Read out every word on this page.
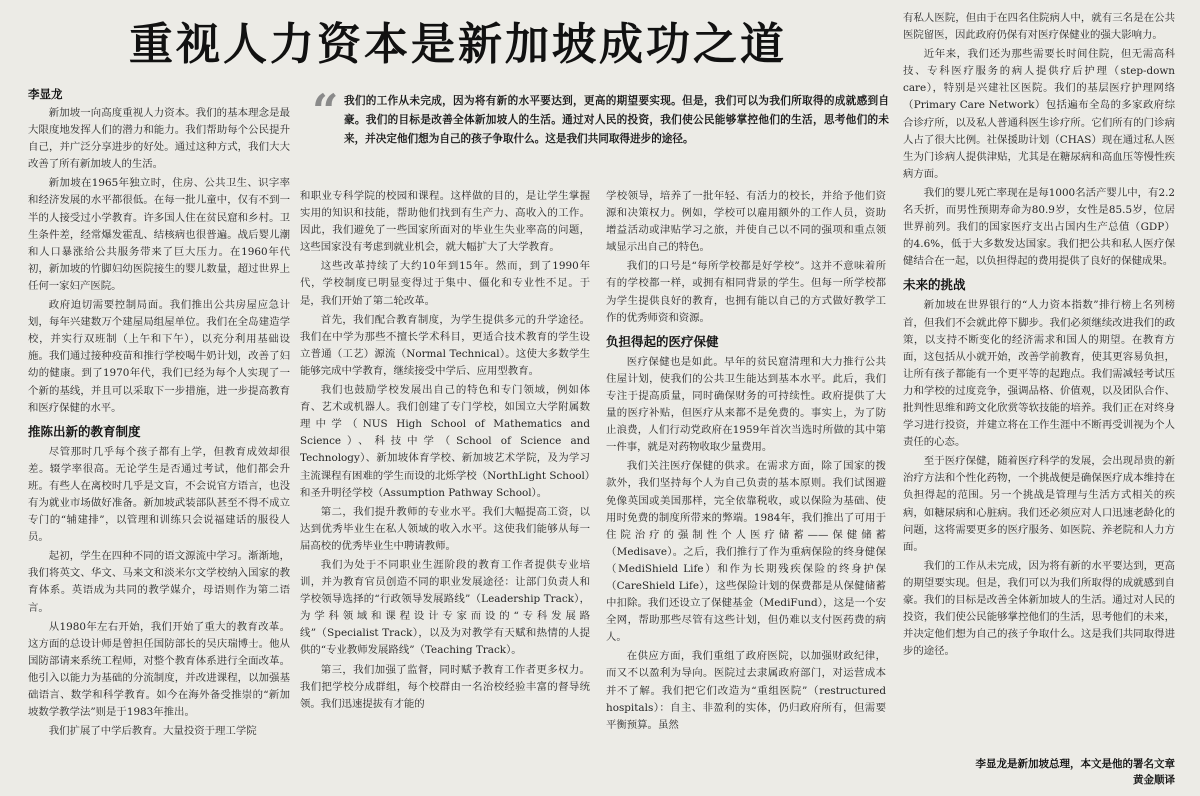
重视人力资本是新加坡成功之道
“ 我们的工作从未完成，因为将有新的水平要达到，更高的期望要实现。但是，我们可以为我们所取得的成就感到自豪。我们的目标是改善全体新加坡人的生活。通过对人民的投资，我们使公民能够掌控他们的生活，思考他们的未来，并决定他们想为自己的孩子争取什么。这是我们共同取得进步的途径。
李显龙

新加坡一向高度重视人力资本。我们的基本理念是最大限度地发挥人们的潜力和能力。我们帮助每个公民提升自己，并广泛分享进步的好处。通过这种方式，我们大大改善了所有新加坡人的生活。

新加坡在1965年独立时，住房、公共卫生、识字率和经济发展的水平都很低。在每一批儿童中，仅有不到一半的人接受过小学教育。许多国人住在贫民窟和乡村。卫生条件差，经常爆发霍乱、结核病也很普遍。战后婴儿潮和人口暴涨给公共服务带来了巨大压力。在1960年代初，新加坡的竹脚妇幼医院接生的婴儿数量，超过世界上任何一家妇产医院。

政府迫切需要控制局面。我们推出公共房屋应急计划，每年兴建数万个建屋局组屋单位。我们在全岛建造学校，并实行双班制（上午和下午），以充分利用基础设施。我们通过接种疫苗和推行学校喝牛奶计划，改善了妇幼的健康。到了1970年代，我们已经为每个人实现了一个新的基线，并且可以采取下一步措施，进一步提高教育和医疗保健的水平。

推陈出新的教育制度

尽管那时几乎每个孩子都有上学，但教育成效却很差。辍学率很高。无论学生是否通过考试，他们都会升班。有些人在离校时几乎是文盲，不会说官方语言，也没有为就业市场做好准备。新加坡武装部队甚至不得不成立专门的“辅建排”，以管理和训练只会说福建话的服役人员。

起初，学生在四种不同的语文源流中学习。渐渐地，我们将英文、华文、马来文和淡米尔文学校纳入国家的教育体系。英语成为共同的教学媒介，母语则作为第二语言。

从1980年左右开始，我们开始了重大的教育改革。这方面的总设计师是曾担任国防部长的吴庆瑞博士。他从国防部请来系统工程师，对整个教育体系进行全面改革。他引入以能力为基础的分流制度，并改进课程，以加强基础语言、数学和科学教育。如今在海外备受推崇的“新加坡数学教学法”则是于1983年推出。

我们扩展了中学后教育。大量投资于理工学院

和职业专科学院的校园和课程。这样做的目的，是让学生掌握实用的知识和技能，帮助他们找到有生产力、高收入的工作。因此，我们避免了一些国家所面对的毕业生失业率高的问题，这些国家没有考虑到就业机会，就大幅扩大了大学教育。

这些改革持续了大约10年到15年。然而，到了1990年代，学校制度已明显变得过于集中、僵化和专业性不足。于是，我们开始了第二轮改革。

首先，我们配合教育制度，为学生提供多元的升学途径。我们在中学为那些不擅长学术科目，更适合技术教育的学生设立普通（工艺）源流（Normal Technical）。这使大多数学生能够完成中学教育，继续接受中学后、应用型教育。

我们也鼓励学校发展出自己的特色和专门领域，例如体育、艺术或机器人。我们创建了专门学校，如国立大学附属数理中学（NUS High School of Mathematics and Science）、科技中学（School of Science and Technology）、新加坡体育学校、新加坡艺术学院，及为学习主流课程有困难的学生而设的北烁学校（NorthLight School）和圣升明径学校（Assumption Pathway School）。

第二，我们提升教师的专业水平。我们大幅提高工资，以达到优秀毕业生在私人领域的收入水平。这使我们能够从每一届高校的优秀毕业生中聘请教师。

我们为处于不同职业生涯阶段的教育工作者提供专业培训，并为教育官员创造不同的职业发展途径：让部门负责人和学校领导选择的“行政领导发展路线”（Leadership Track），为学科领域和课程设计专家而设的“专科发展路线”（Specialist Track），以及为对教学有天赋和热情的人提供的“专业教师发展路线”（Teaching Track）。

第三，我们加强了监督，同时赋予教育工作者更多权力。我们把学校分成群组，每个校群由一名治校经验丰富的督导统领。我们迅速提拔有才能的

学校领导，培养了一批年轻、有活力的校长，并给予他们资源和决策权力。例如，学校可以雇用额外的工作人员，资助增益活动或津贴学习之旅，并使自己以不同的强项和重点领域显示出自己的特色。

我们的口号是“每所学校都是好学校”。这并不意味着所有的学校都一样，或拥有相同背景的学生。但每一所学校都为学生提供良好的教育，也拥有能以自己的方式做好教学工作的优秀师资和资源。

负担得起的医疗保健

医疗保健也是如此。早年的贫民窟清理和大力推行公共住屋计划，使我们的公共卫生能达到基本水平。此后，我们专注于提高质量，同时确保财务的可持续性。政府提供了大量的医疗补贴，但医疗从来都不是免费的。事实上，为了防止浪费，人们行动党政府在1959年首次当选时所做的其中第一件事，就是对药物收取少量费用。

我们关注医疗保健的供求。在需求方面，除了国家的拨款外，我们坚持每个人为自己负责的基本原则。我们试图避免像英国或美国那样，完全依靠税收，或以保险为基础、使用时免费的制度所带来的弊端。1984年，我们推出了可用于住院治疗的强制性个人医疗储蓄——保健储蓄（Medisave）。之后，我们推行了作为重病保险的终身健保（MediShield Life）和作为长期残疾保险的终身护保（CareShield Life），这些保险计划的保费都是从保健储蓄中扣除。我们还设立了保健基金（MediFund），这是一个安全网，帮助那些尽管有这些计划，但仍难以支付医药费的病人。

在供应方面，我们重组了政府医院，以加强财政纪律，而又不以盈利为导向。医院过去隶属政府部门，对运营成本并不了解。我们把它们改造为“重组医院”（restructured hospitals）：自主、非盈利的实体，仍归政府所有，但需要平衡预算。虽然

有私人医院，但由于在四名住院病人中，就有三名是在公共医院留医，因此政府仍保有对医疗保健业的强大影响力。

近年来，我们还为那些需要长时间住院，但无需高科技、专科医疗服务的病人提供疗后护理（step-down care），特别是兴建社区医院。我们的基层医疗护理网络（Primary Care Network）包括遍布全岛的多家政府综合诊疗所，以及私人普通科医生诊疗所。它们所有的门诊病人占了很大比例。社保援助计划（CHAS）现在通过私人医生为门诊病人提供津贴，尤其是在糖尿病和高血压等慢性疾病方面。

我们的婴儿死亡率现在是每1000名活产婴儿中，有2.2名夭折，而男性预期寿命为80.9岁，女性是85.5岁，位居世界前列。我们的国家医疗支出占国内生产总值（GDP）的4.6%，低于大多数发达国家。我们把公共和私人医疗保健结合在一起，以负担得起的费用提供了良好的保健成果。

未来的挑战

新加坡在世界银行的“人力资本指数”排行榜上名列榜首，但我们不会就此停下脚步。我们必须继续改进我们的政策，以支持不断变化的经济需求和国人的期望。在教育方面，这包括从小就开始，改善学前教育，使其更容易负担，让所有孩子都能有一个更平等的起跑点。我们需减轻考试压力和学校的过度竞争，强调品格、价值观，以及团队合作、批判性思维和跨文化欣赏等软技能的培养。我们正在对终身学习进行投资，并建立将在工作生涯中不断再受训视为个人责任的心态。

至于医疗保健，随着医疗科学的发展，会出现昂贵的新治疗方法和个性化药物，一个挑战便是确保医疗成本维持在负担得起的范围。另一个挑战是管理与生活方式相关的疾病，如糖尿病和心脏病。我们还必须应对人口迅速老龄化的问题，这将需要更多的医疗服务、如医院、养老院和人力方面。

我们的工作从未完成，因为将有新的水平要达到，更高的期望要实现。但是，我们可以为我们所取得的成就感到自豪。我们的目标是改善全体新加坡人的生活。通过对人民的投资，我们使公民能够掌控他们的生活，思考他们的未来，并决定他们想为自己的孩子争取什么。这是我们共同取得进步的途径。

李显龙是新加坡总理，本文是他的署名文章
黄金顺译
